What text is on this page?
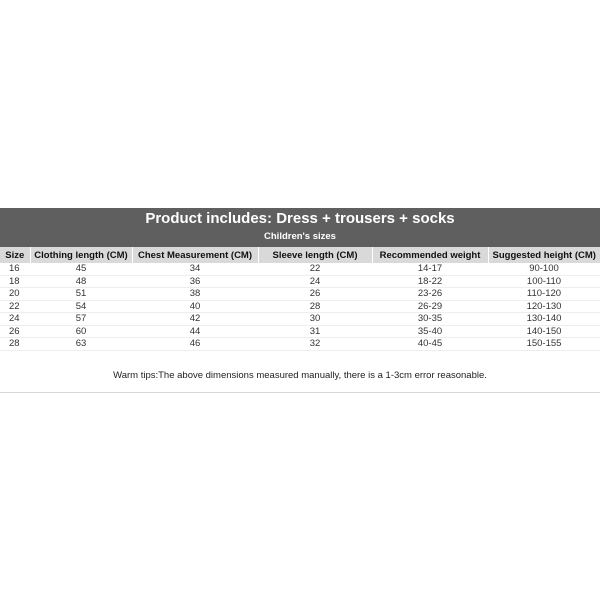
Product includes: Dress + trousers + socks
Children's sizes
Size	Clothing length (CM)	Chest Measurement (CM)	Sleeve length (CM)	Recommended weight	Suggested height (CM)
16	45	34	22	14-17	90-100
18	48	36	24	18-22	100-110
20	51	38	26	23-26	110-120
22	54	40	28	26-29	120-130
24	57	42	30	30-35	130-140
26	60	44	31	35-40	140-150
28	63	46	32	40-45	150-155
Warm tips:The above dimensions measured manually, there is a 1-3cm error reasonable.
